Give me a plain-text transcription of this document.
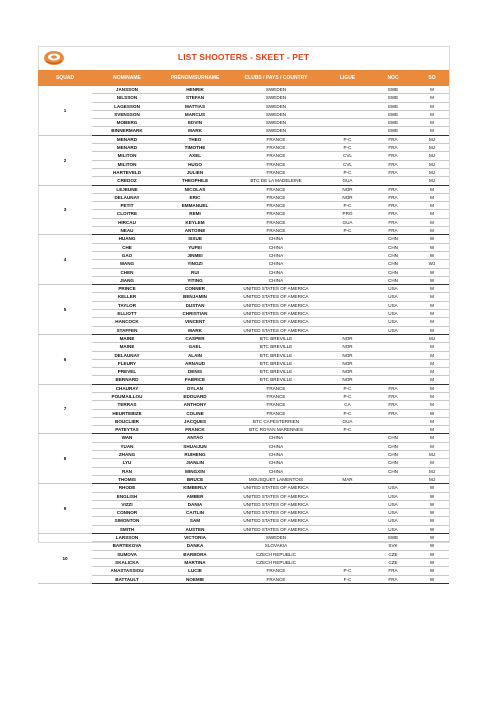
LIST SHOOTERS - SKEET - PET
SQUAD	NOM/NAME	PRÉNOM/SURNAME	CLUBS / PAYS / COUNTRY	LIGUE	NOC	SO
1	JANSSON	HENRIK	SWEDEN		SWE	M
	NILSSON	STEFAN	SWEDEN		SWE	M
	LAGESSON	MATTIAS	SWEDEN		SWE	M
	SVENSSON	MARCUS	SWEDEN		SWE	M
	MOBERG	EDVIN	SWEDEN		SWE	M
	BINNERMARK	MARK	SWEDEN		SWE	M
2	MENARD	THEO	FRANCE	P-C	FRA	MJ
	MENARD	TIMOTHE	FRANCE	P-C	FRA	MJ
	MILITON	AXEL	FRANCE	CVL	FRA	MJ
	MILITON	HUGO	FRANCE	CVL	FRA	MJ
	HARTEVELD	JULIEN	FRANCE	P-C	FRA	MJ
	CREDOZ	THEOPHILE	BTC DE LA MADELEINE	GUA		MJ
3	LEJEUNE	NICOLAS	FRANCE	NOR	FRA	M
	DELAUNAY	ERIC	FRANCE	NOR	FRA	M
	PETIT	EMMANUEL	FRANCE	P-C	FRA	M
	CLOITRE	REMI	FRANCE	PRO	FRA	M
	HIRCAU	KEYLEM	FRANCE	GUA	FRA	M
	NEAU	ANTOINE	FRANCE	P-C	FRA	M
4	HUANG	SIXUE	CHINA		CHN	W
	CHE	YUFEI	CHINA		CHN	W
	GAO	JINMEI	CHINA		CHN	W
	WANG	YINGZI	CHINA		CHN	WJ
	CHEN	RUI	CHINA		CHN	W
	JIANG	YITING	CHINA		CHN	W
5	PRINCE	CONNER	UNITED STATES OF AMERICA		USA	M
	KELLER	BENJAMIN	UNITED STATES OF AMERICA		USA	M
	TAYLOR	DUSTAN	UNITED STATES OF AMERICA		USA	M
	ELLIOTT	CHRISTIAN	UNITED STATES OF AMERICA		USA	M
	HANCOCK	VINCENT	UNITED STATES OF AMERICA		USA	M
	STAFFEN	MARK	UNITED STATES OF AMERICA		USA	M
6	MAINE	CASPER	BTC BREVILLE	NOR		MJ
	MAINE	GAEL	BTC BREVILLE	NOR		M
	DELAUNAY	ALAIN	BTC BREVILLE	NOR		M
	FLEURY	ARNAUD	BTC BREVILLE	NOR		M
	PREVEL	DENIS	BTC BREVILLE	NOR		M
	BERNARD	FABRICE	BTC BREVILLE	NOR		M
7	CHAURAY	DYLAN	FRANCE	P-C	FRA	M
	POUMAILLOU	EDOUARD	FRANCE	P-C	FRA	M
	TERRAS	ANTHONY	FRANCE	CA	FRA	M
	HEURTEBIZE	COLINE	FRANCE	P-C	FRA	W
	BOUCLIER	JACQUES	BTC CAPESTERRIEN	GUA		M
	PATEYTAS	FRANCK	BTC ROYAN MARENNES	P-C		M
8	WAN	ANTAO	CHINA		CHN	M
	YUAN	SHUAIJUN	CHINA		CHN	M
	ZHANG	RUIHENG	CHINA		CHN	MJ
	LYU	JIANLIN	CHINA		CHN	M
	RAN	MINGXIN	CHINA		CHN	MJ
	THOMIS	BRUCE	MOUSQUET LAMENTOIS	MAR		MJ
9	RHODE	KIMBERLY	UNITED STATES OF AMERICA		USA	W
	ENGLISH	AMBER	UNITED STATES OF AMERICA		USA	W
	VIZZI	DANIA	UNITED STATES OF AMERICA		USA	W
	CONNOR	CAITLIN	UNITED STATES OF AMERICA		USA	W
	SIMONTON	SAM	UNITED STATES OF AMERICA		USA	W
	SMITH	AUSTEN	UNITED STATES OF AMERICA		USA	W
10	LARSSON	VICTORIA	SWEDEN		SWE	W
	BARTEKOVA	DANKA	SLOVAKIA		SVK	W
	SUMOVA	BARBORA	CZECH REPUBLIC		CZE	W
	SKALICKA	MARTINA	CZECH REPUBLIC		CZE	W
	ANASTASSIOU	LUCIE	FRANCE	P-C	FRA	W
	BATTAULT	NOEMIE	FRANCE	F-C	FRA	W
